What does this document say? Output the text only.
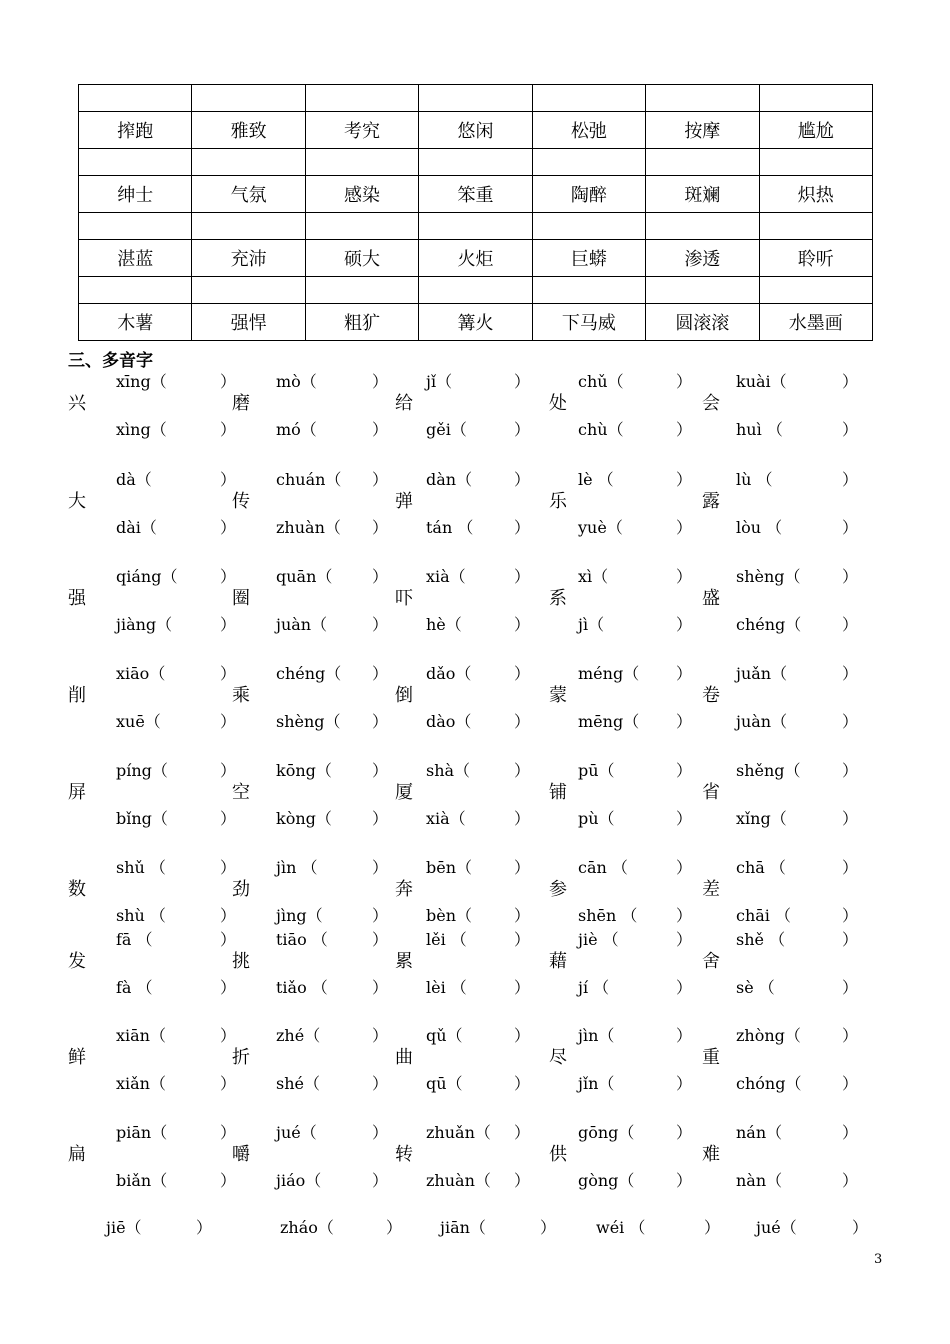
搾跑	雅致	考究	悠闲	松弛	按摩	尴尬

绅士	气氛	感染	笨重	陶醉	斑斓	炽热

湛蓝	充沛	硕大	火炬	巨蟒	渗透	聆听

木薯	强悍	粗犷	篝火	下马威	圆滚滚	水墨画
三、多音字
xīng（	） mò（	） jǐ（	）	chǔ（	）	kuài（	）
兴	磨	给	处	会
xìng（	） mó（	） gěi（	）	chù（	）	huì （	）
dà（	） chuán（ ） dàn（	）	lè （	）	lù （	）
大	传	弹	乐	露
dài（	） zhuàn（ ） tán （	）	yuè（	）	lòu （	）
qiáng（	） quān（ ） xià（	）	xì（	）	shèng（	）
强	圈	吓	系	盛
jiàng（	） juàn（	） hè（	）	jì（	）	chéng（	）
xiāo（	） chéng（ ） dǎo（	）	méng（ ）	juǎn（	）
削	乘	倒	蒙	卷
xuē（	） shèng（ ） dào（	）	mēng（ ）	juàn（	）
píng（	） kōng（	） shà（	）	pū（	）	shěng（	）
屏	空	厦	铺	省
bǐng（	） kòng（	） xià（	）	pù（	）	xǐng（	）
shǔ （	） jìn （	） bēn（	）	cān （	）	chā （	）
数	劲	奔	参	差
shù （	） jìng（	） bèn（	）	shēn （ ）	chāi （	）
fā （	） tiāo （	） lěi （	）	jiè （	）	shě （	）
发	挑	累	藉	舍
fà （	） tiǎo （	） lèi （	）	jí （	）	sè （	）
xiān（	） zhé（	） qǔ（	）	jìn（	）	zhòng（	）
鲜	折	曲	尽	重
xiǎn（	） shé（	） qū（	）	jǐn（	）	chóng（	）
piān（	） jué（	） zhuǎn（ ）	gōng（	）	nán（	）
扁	嚼	转	供	难
biǎn（	） jiáo（	） zhuàn（ ）	gòng（	）	nàn（	）
jiē（	）	zháo（	） jiān（	） wéi （	） jué（	）
3
